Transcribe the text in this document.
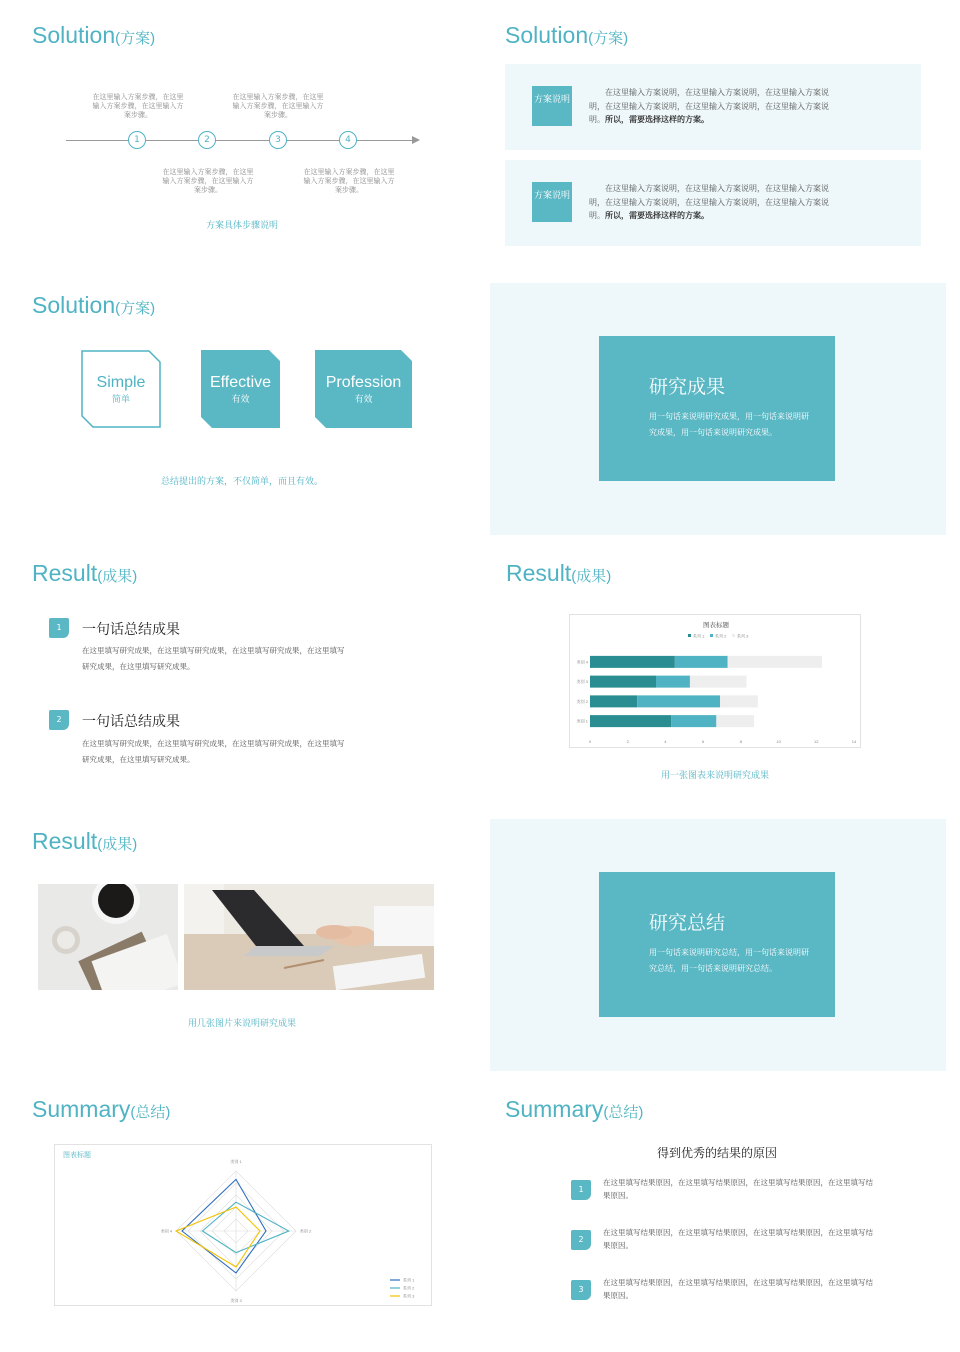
Solution(方案)
在这里输入方案步骤，在这里输入方案步骤，在这里输入方案步骤。
在这里输入方案步骤，在这里输入方案步骤，在这里输入方案步骤。
1	2	3	4
在这里输入方案步骤，在这里输入方案步骤，在这里输入方案步骤。
在这里输入方案步骤，在这里输入方案步骤，在这里输入方案步骤。
方案具体步骤说明
Solution(方案)
方案说明
在这里输入方案说明，在这里输入方案说明，在这里输入方案说明，在这里输入方案说明，在这里输入方案说明，在这里输入方案说明。所以，需要选择这样的方案。
方案说明
在这里输入方案说明，在这里输入方案说明，在这里输入方案说明，在这里输入方案说明，在这里输入方案说明，在这里输入方案说明。所以，需要选择这样的方案。
Solution(方案)
Simple
简单
Effective
有效
Profession
有效
总结提出的方案，不仅简单，而且有效。
研究成果
用一句话来说明研究成果，用一句话来说明研究成果，用一句话来说明研究成果。
Result(成果)
1	一句话总结成果
在这里填写研究成果，在这里填写研究成果，在这里填写研究成果，在这里填写研究成果，在这里填写研究成果。
2	一句话总结成果
在这里填写研究成果，在这里填写研究成果，在这里填写研究成果，在这里填写研究成果，在这里填写研究成果。
Result(成果)
图表标题
系列 1	系列 2	系列 3
0	2	4	6	8	10	12	14
类别 1
类别 2
类别 3
类别 4
用一张图表来说明研究成果
Result(成果)
用几张图片来说明研究成果
研究总结
用一句话来说明研究总结，用一句话来说明研究总结，用一句话来说明研究总结。
Summary(总结)
图表标题
类别 1
类别 2
类别 3
类别 4
系列 1
系列 2
系列 3
Summary(总结)
得到优秀的结果的原因
1
在这里填写结果原因，在这里填写结果原因，在这里填写结果原因，在这里填写结果原因。
2
在这里填写结果原因，在这里填写结果原因，在这里填写结果原因，在这里填写结果原因。
3
在这里填写结果原因，在这里填写结果原因，在这里填写结果原因，在这里填写结果原因。
